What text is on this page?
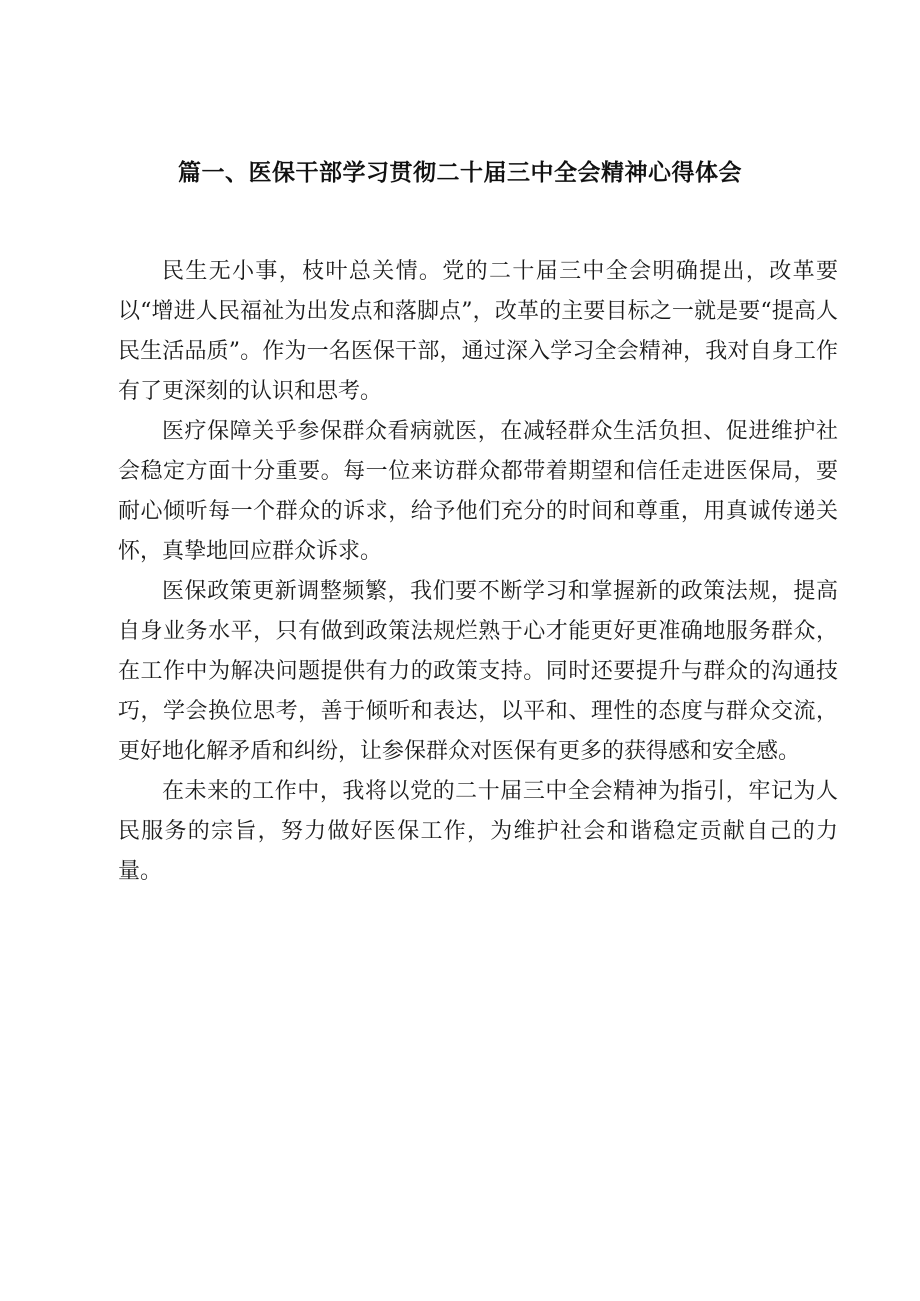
篇一、医保干部学习贯彻二十届三中全会精神心得体会

民生无小事，枝叶总关情。党的二十届三中全会明确提出，改革要以“增进人民福祉为出发点和落脚点”，改革的主要目标之一就是要“提高人民生活品质”。作为一名医保干部，通过深入学习全会精神，我对自身工作有了更深刻的认识和思考。

医疗保障关乎参保群众看病就医，在减轻群众生活负担、促进维护社会稳定方面十分重要。每一位来访群众都带着期望和信任走进医保局，要耐心倾听每一个群众的诉求，给予他们充分的时间和尊重，用真诚传递关怀，真挚地回应群众诉求。

医保政策更新调整频繁，我们要不断学习和掌握新的政策法规，提高自身业务水平，只有做到政策法规烂熟于心才能更好更准确地服务群众，在工作中为解决问题提供有力的政策支持。同时还要提升与群众的沟通技巧，学会换位思考，善于倾听和表达，以平和、理性的态度与群众交流，更好地化解矛盾和纠纷，让参保群众对医保有更多的获得感和安全感。

在未来的工作中，我将以党的二十届三中全会精神为指引，牢记为人民服务的宗旨，努力做好医保工作，为维护社会和谐稳定贡献自己的力量。
